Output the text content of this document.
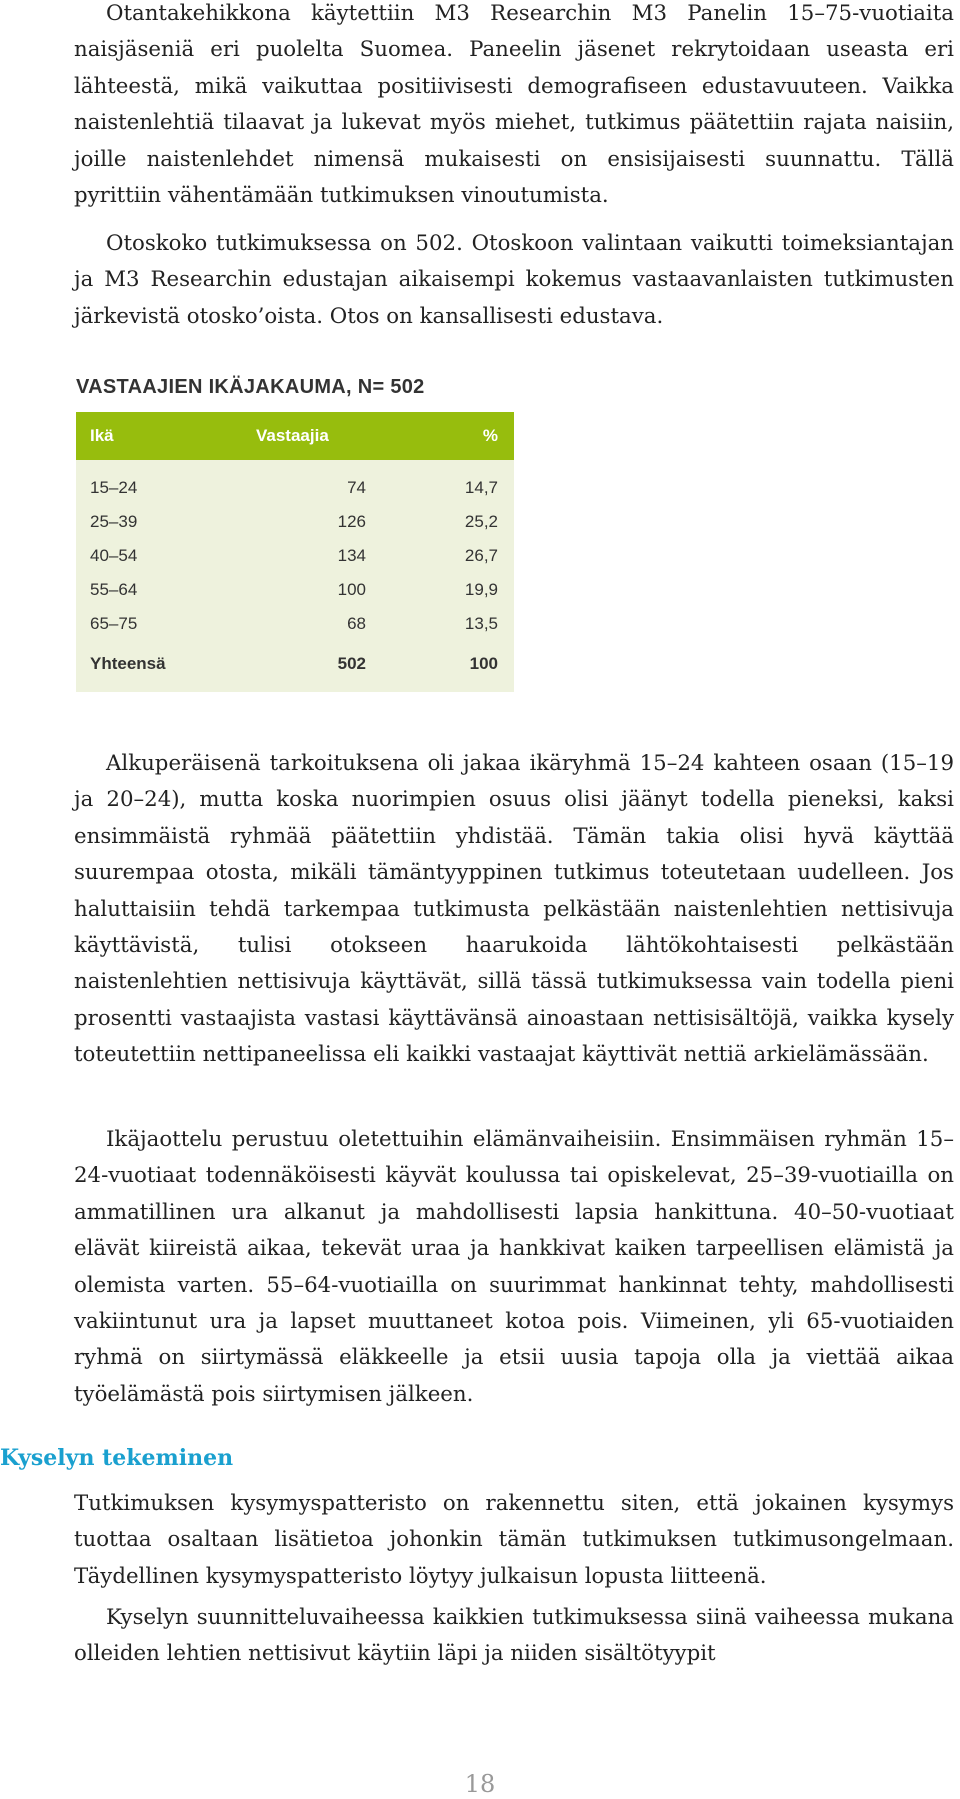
Otantakehikkona käytettiin M3 Researchin M3 Panelin 15–75-vuotiaita naisjäseniä eri puolelta Suomea. Paneelin jäsenet rekrytoidaan useasta eri lähteestä, mikä vaikuttaa positiivisesti demografiseen edustavuuteen. Vaikka naistenlehtiä tilaavat ja lukevat myös miehet, tutkimus päätettiin rajata naisiin, joille naistenlehdet nimensä mukaisesti on ensisijaisesti suunnattu. Tällä pyrittiin vähentämään tutkimuksen vinoutumista.

Otoskoko tutkimuksessa on 502. Otoskoon valintaan vaikutti toimeksiantajan ja M3 Researchin edustajan aikaisempi kokemus vastaavanlaisten tutkimusten järkevistä otosko’oista. Otos on kansallisesti edustava.

VASTAAJIEN IKÄJAKAUMA, N= 502
Ikä	Vastaajia	%
15–24	74	14,7
25–39	126	25,2
40–54	134	26,7
55–64	100	19,9
65–75	68	13,5
Yhteensä	502	100

Alkuperäisenä tarkoituksena oli jakaa ikäryhmä 15–24 kahteen osaan (15–19 ja 20–24), mutta koska nuorimpien osuus olisi jäänyt todella pieneksi, kaksi ensimmäistä ryhmää päätettiin yhdistää. Tämän takia olisi hyvä käyttää suurempaa otosta, mikäli tämäntyyppinen tutkimus toteutetaan uudelleen. Jos haluttaisiin tehdä tarkempaa tutkimusta pelkästään naistenlehtien nettisivuja käyttävistä, tulisi otokseen haarukoida lähtökohtaisesti pelkästään naistenlehtien nettisivuja käyttävät, sillä tässä tutkimuksessa vain todella pieni prosentti vastaajista vastasi käyttävänsä ainoastaan nettisisältöjä, vaikka kysely toteutettiin nettipaneelissa eli kaikki vastaajat käyttivät nettiä arkielämässään.

Ikäjaottelu perustuu oletettuihin elämänvaiheisiin. Ensimmäisen ryhmän 15–24-vuotiaat todennäköisesti käyvät koulussa tai opiskelevat, 25–39-vuotiailla on ammatillinen ura alkanut ja mahdollisesti lapsia hankittuna. 40–50-vuotiaat elävät kiireistä aikaa, tekevät uraa ja hankkivat kaiken tarpeellisen elämistä ja olemista varten. 55–64-vuotiailla on suurimmat hankinnat tehty, mahdollisesti vakiintunut ura ja lapset muuttaneet kotoa pois. Viimeinen, yli 65-vuotiaiden ryhmä on siirtymässä eläkkeelle ja etsii uusia tapoja olla ja viettää aikaa työelämästä pois siirtymisen jälkeen.

Kyselyn tekeminen

Tutkimuksen kysymyspatteristo on rakennettu siten, että jokainen kysymys tuottaa osaltaan lisätietoa johonkin tämän tutkimuksen tutkimusongelmaan. Täydellinen kysymyspatteristo löytyy julkaisun lopusta liitteenä.

Kyselyn suunnitteluvaiheessa kaikkien tutkimuksessa siinä vaiheessa mukana olleiden lehtien nettisivut käytiin läpi ja niiden sisältötyypit

18
